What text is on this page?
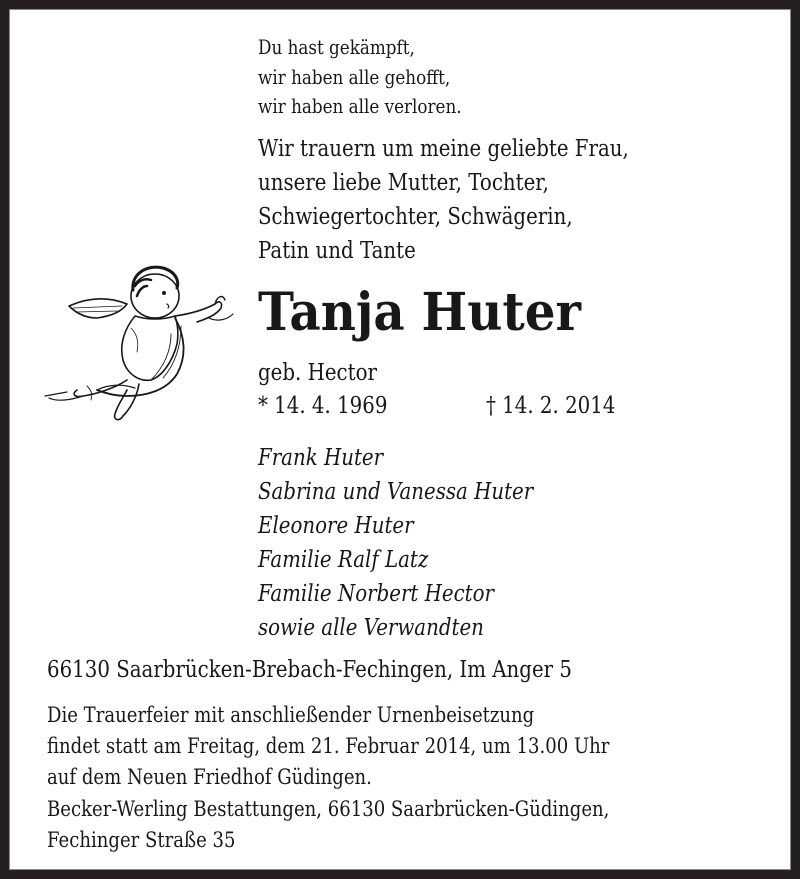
Du hast gekämpft,
wir haben alle gehofft,
wir haben alle verloren.
Wir trauern um meine geliebte Frau,
unsere liebe Mutter, Tochter,
Schwiegertochter, Schwägerin,
Patin und Tante
Tanja Huter
geb. Hector
* 14. 4. 1969	† 14. 2. 2014
Frank Huter
Sabrina und Vanessa Huter
Eleonore Huter
Familie Ralf Latz
Familie Norbert Hector
sowie alle Verwandten
66130 Saarbrücken-Brebach-Fechingen, Im Anger 5
Die Trauerfeier mit anschließender Urnenbeisetzung
findet statt am Freitag, dem 21. Februar 2014, um 13.00 Uhr
auf dem Neuen Friedhof Güdingen.
Becker-Werling Bestattungen, 66130 Saarbrücken-Güdingen,
Fechinger Straße 35
